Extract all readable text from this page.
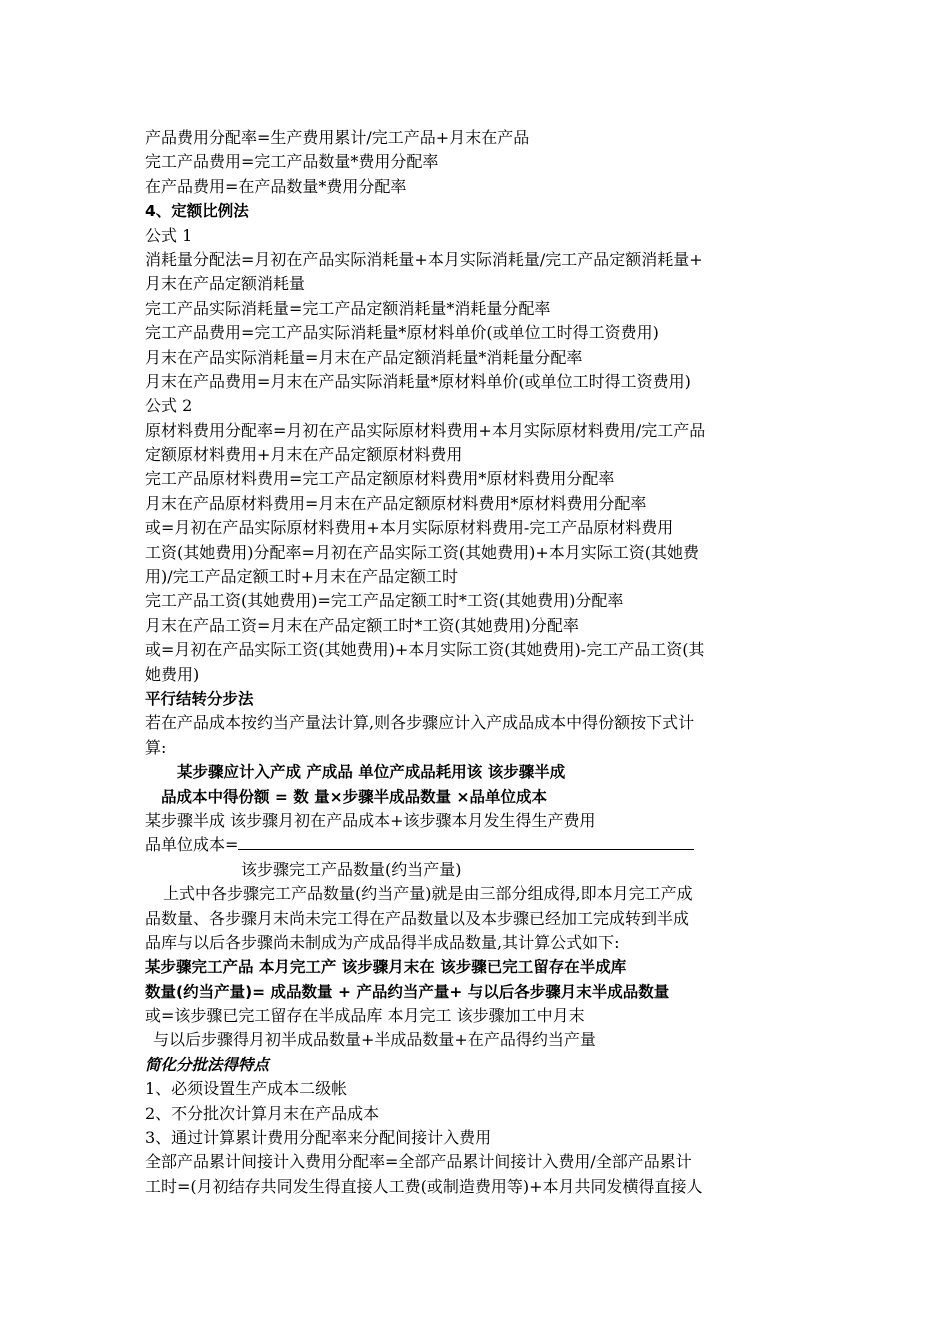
产品费用分配率=生产费用累计/完工产品+月末在产品
完工产品费用=完工产品数量*费用分配率
在产品费用=在产品数量*费用分配率
4、定额比例法
公式 1
消耗量分配法=月初在产品实际消耗量+本月实际消耗量/完工产品定额消耗量+
月末在产品定额消耗量
完工产品实际消耗量=完工产品定额消耗量*消耗量分配率
完工产品费用=完工产品实际消耗量*原材料单价(或单位工时得工资费用)
月末在产品实际消耗量=月末在产品定额消耗量*消耗量分配率
月末在产品费用=月末在产品实际消耗量*原材料单价(或单位工时得工资费用)
公式 2
原材料费用分配率=月初在产品实际原材料费用+本月实际原材料费用/完工产品
定额原材料费用+月末在产品定额原材料费用
完工产品原材料费用=完工产品定额原材料费用*原材料费用分配率
月末在产品原材料费用=月末在产品定额原材料费用*原材料费用分配率
或=月初在产品实际原材料费用+本月实际原材料费用-完工产品原材料费用
工资(其她费用)分配率=月初在产品实际工资(其她费用)+本月实际工资(其她费
用)/完工产品定额工时+月末在产品定额工时
完工产品工资(其她费用)=完工产品定额工时*工资(其她费用)分配率
月末在产品工资=月末在产品定额工时*工资(其她费用)分配率
或=月初在产品实际工资(其她费用)+本月实际工资(其她费用)-完工产品工资(其
她费用)
平行结转分步法
若在产品成本按约当产量法计算,则各步骤应计入产成品成本中得份额按下式计
算:
某步骤应计入产成 产成品 单位产成品耗用该 该步骤半成
品成本中得份额 = 数 量×步骤半成品数量 ×品单位成本
某步骤半成 该步骤月初在产品成本+该步骤本月发生得生产费用
品单位成本=
该步骤完工产品数量(约当产量)
上式中各步骤完工产品数量(约当产量)就是由三部分组成得,即本月完工产成
品数量、各步骤月末尚未完工得在产品数量以及本步骤已经加工完成转到半成
品库与以后各步骤尚未制成为产成品得半成品数量,其计算公式如下:
某步骤完工产品 本月完工产 该步骤月末在 该步骤已完工留存在半成库
数量(约当产量)= 成品数量 + 产品约当产量+ 与以后各步骤月末半成品数量
或=该步骤已完工留存在半成品库 本月完工 该步骤加工中月末
与以后步骤得月初半成品数量+半成品数量+在产品得约当产量
简化分批法得特点
1、必须设置生产成本二级帐
2、不分批次计算月末在产品成本
3、通过计算累计费用分配率来分配间接计入费用
全部产品累计间接计入费用分配率=全部产品累计间接计入费用/全部产品累计
工时=(月初结存共同发生得直接人工费(或制造费用等)+本月共同发横得直接人
